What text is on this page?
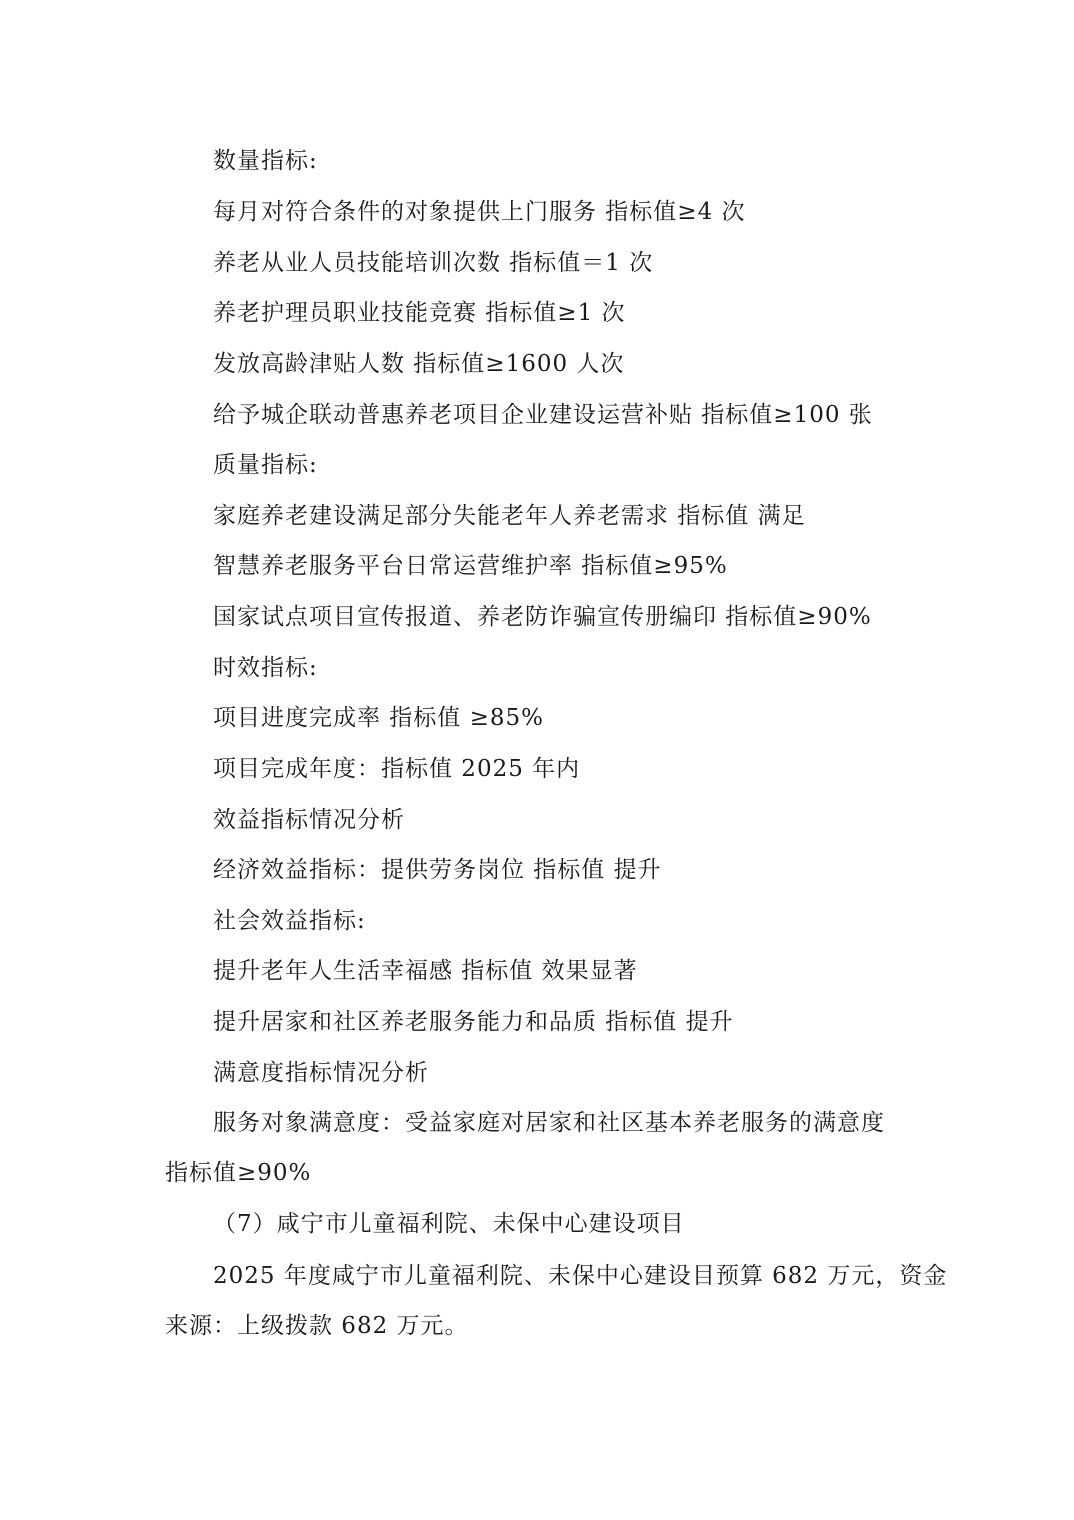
数量指标:
每月对符合条件的对象提供上门服务 指标值≥4 次
养老从业人员技能培训次数 指标值＝1 次
养老护理员职业技能竞赛 指标值≥1 次
发放高龄津贴人数 指标值≥1600 人次
给予城企联动普惠养老项目企业建设运营补贴 指标值≥100 张
质量指标:
家庭养老建设满足部分失能老年人养老需求 指标值 满足
智慧养老服务平台日常运营维护率 指标值≥95%
国家试点项目宣传报道、养老防诈骗宣传册编印 指标值≥90%
时效指标:
项目进度完成率 指标值 ≥85%
项目完成年度：指标值 2025 年内
效益指标情况分析
经济效益指标：提供劳务岗位 指标值 提升
社会效益指标:
提升老年人生活幸福感 指标值 效果显著
提升居家和社区养老服务能力和品质 指标值 提升
满意度指标情况分析
服务对象满意度：受益家庭对居家和社区基本养老服务的满意度
指标值≥90%
（7）咸宁市儿童福利院、未保中心建设项目
2025 年度咸宁市儿童福利院、未保中心建设目预算 682 万元，资金
来源：上级拨款 682 万元。
